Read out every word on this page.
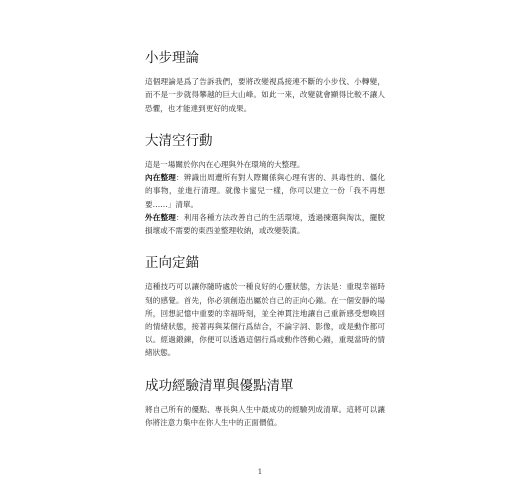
小步理論

這個理論是爲了告訴我們，要將改變視爲接連不斷的小步伐、小轉變，而不是一步就得攀越的巨大山峰。如此一來，改變就會顯得比較不讓人恐懼，也才能達到更好的成果。

大清空行動

這是一場關於你內在心理與外在環境的大整理。

內在整理：辨識出周遭所有對人際關係與心理有害的、具毒性的、僵化的事物，並進行清理。就像卡蜜兒一樣，你可以建立一份「我不再想要……」清單。

外在整理：利用各種方法改善自己的生活環境，透過揀選與淘汰，擺脫損壞或不需要的東西並整理收納，或改變裝潢。

正向定錨

這種技巧可以讓你隨時處於一種良好的心靈狀態，方法是：重現幸福時刻的感覺。首先，你必須創造出屬於自己的正向心錨。在一個安靜的場所，回想記憶中重要的幸福時刻，並全神貫注地讓自己重新感受想喚回的情緒狀態，接著再與某個行爲結合，不論字詞、影像，或是動作都可以。經過鍛鍊，你便可以透過這個行爲或動作啓動心錨，重現當時的情緒狀態。

成功經驗清單與優點清單

將自己所有的優點、專長與人生中最成功的經驗列成清單。這將可以讓你將注意力集中在你人生中的正面價值。

1
